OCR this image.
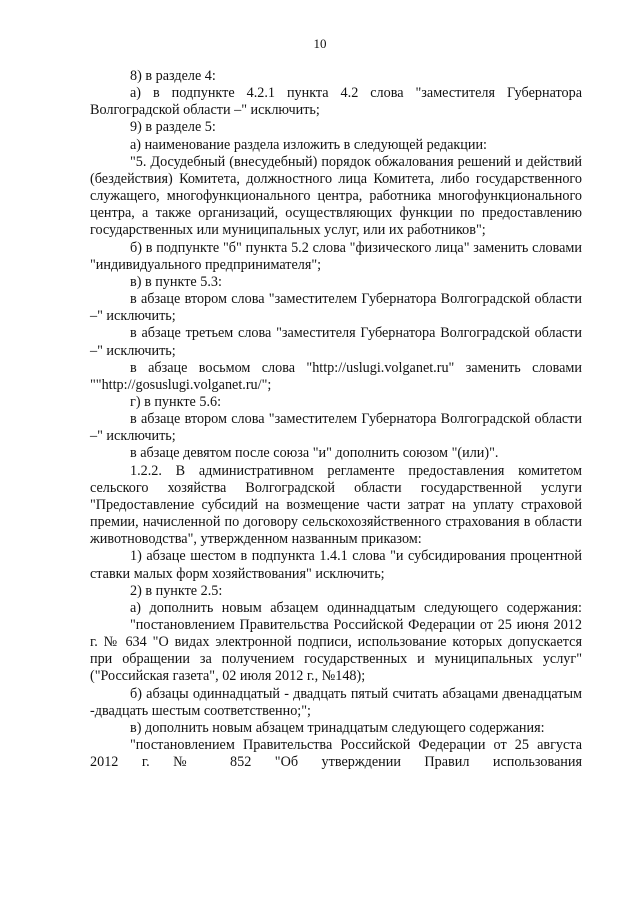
10

8) в разделе 4:

а) в подпункте 4.2.1 пункта 4.2 слова "заместителя Губернатора Волгоградской области –" исключить;

9) в разделе 5:

а) наименование раздела изложить в следующей редакции:

"5. Досудебный (внесудебный) порядок обжалования решений и действий (бездействия) Комитета, должностного лица Комитета, либо государственного служащего, многофункционального центра, работника многофункционального центра, а также организаций, осуществляющих функции по предоставлению государственных или муниципальных услуг, или их работников";

б) в подпункте "б" пункта 5.2 слова "физического лица" заменить словами "индивидуального предпринимателя";

в) в пункте 5.3:

в абзаце втором слова "заместителем Губернатора Волгоградской области –" исключить;

в абзаце третьем слова "заместителя Губернатора Волгоградской области –" исключить;

в абзаце восьмом слова "http://uslugi.volganet.ru" заменить словами ""http://gosuslugi.volganet.ru/";

г) в пункте 5.6:

в абзаце втором слова "заместителем Губернатора Волгоградской области –" исключить;

в абзаце девятом после союза "и" дополнить союзом "(или)".

1.2.2. В административном регламенте предоставления комитетом сельского хозяйства Волгоградской области государственной услуги "Предоставление субсидий на возмещение части затрат на уплату страховой премии, начисленной по договору сельскохозяйственного страхования в области животноводства", утвержденном названным приказом:

1) абзаце шестом в подпункта 1.4.1 слова "и субсидирования процентной ставки малых форм хозяйствования" исключить;

2) в пункте 2.5:

а) дополнить новым абзацем одиннадцатым следующего содержания:

"постановлением Правительства Российской Федерации от 25 июня 2012 г. № 634 "О видах электронной подписи, использование которых допускается при обращении за получением государственных и муниципальных услуг" ("Российская газета", 02 июля 2012 г., №148);

б) абзацы одиннадцатый - двадцать пятый считать абзацами двенадцатым -двадцать шестым соответственно;";

в) дополнить новым абзацем тринадцатым следующего содержания:

"постановлением Правительства Российской Федерации от 25 августа 2012 г. № 852 "Об утверждении Правил использования
